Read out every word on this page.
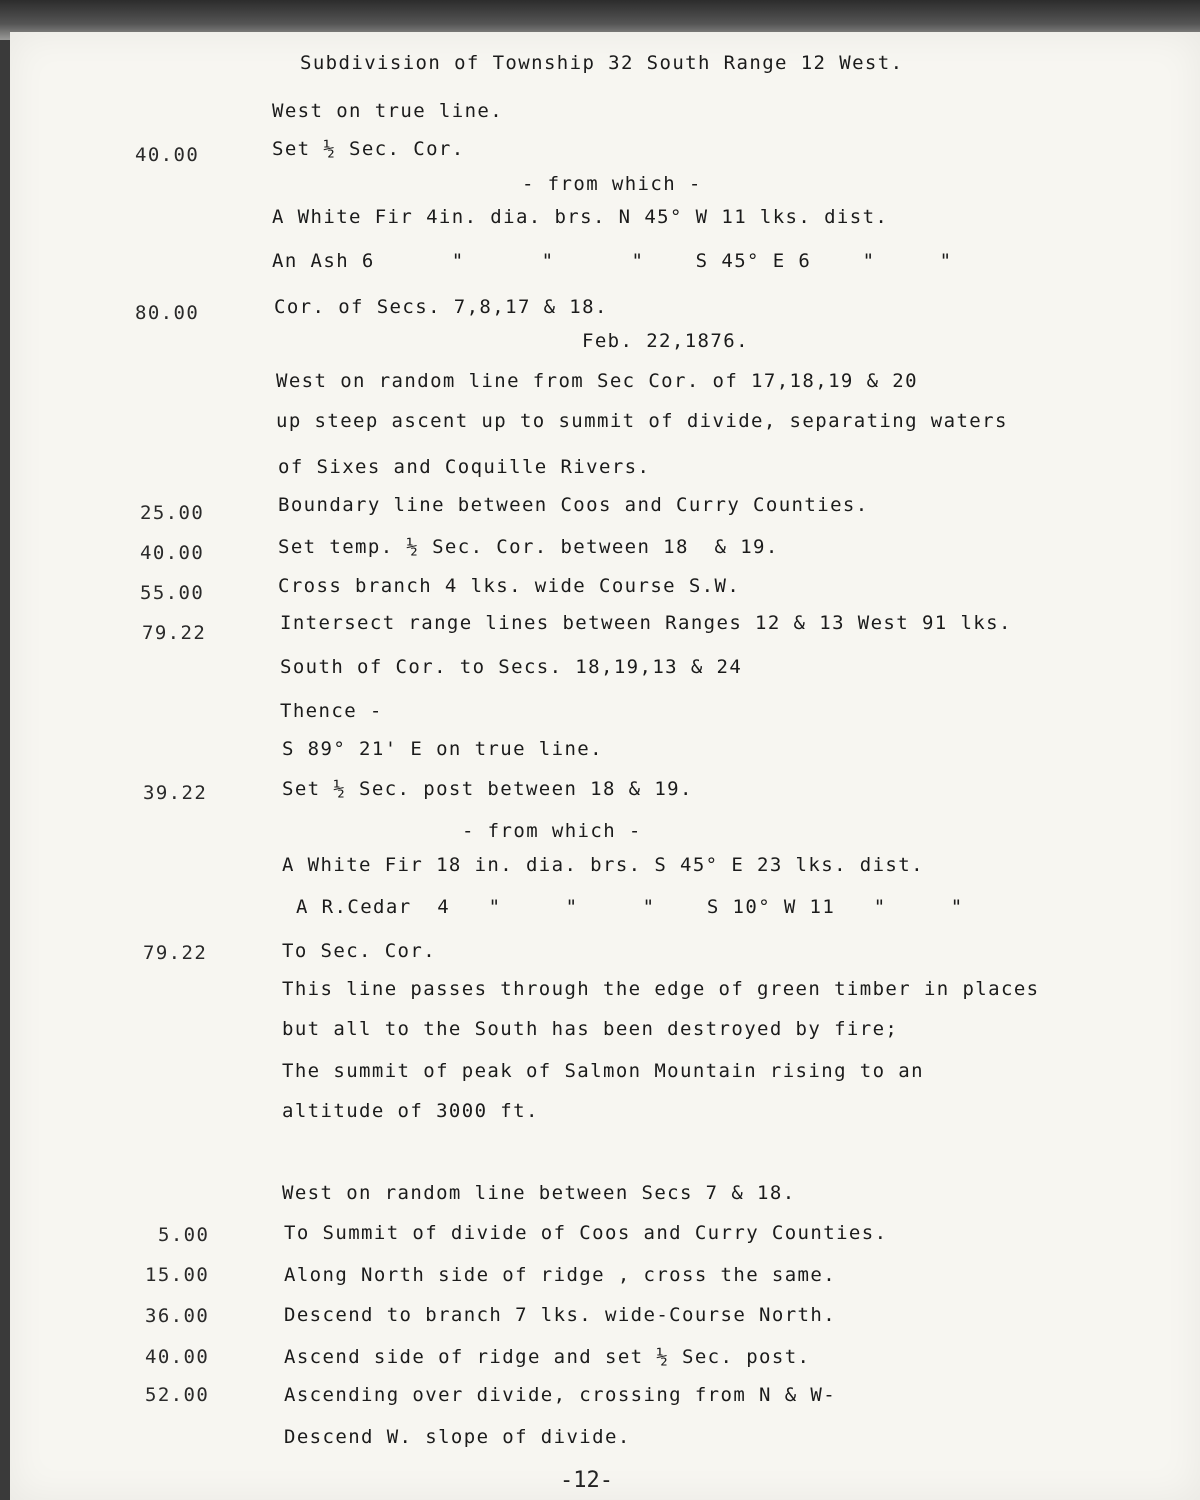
Subdivision of Township 32 South Range 12 West.
West on true line.
40.00	Set ½ Sec. Cor.
- from which -
A White Fir 4in. dia. brs. N 45° W 11 lks. dist.
An Ash 6      "      "      "    S 45° E 6    "     "
80.00	Cor. of Secs. 7,8,17 & 18.
Feb. 22,1876.
West on random line from Sec Cor. of 17,18,19 & 20
up steep ascent up to summit of divide, separating waters
of Sixes and Coquille Rivers.
25.00	Boundary line between Coos and Curry Counties.
40.00	Set temp. ½ Sec. Cor. between 18  & 19.
55.00	Cross branch 4 lks. wide Course S.W.
79.22	Intersect range lines between Ranges 12 & 13 West 91 lks.
South of Cor. to Secs. 18,19,13 & 24
Thence -
S 89° 21' E on true line.
39.22	Set ½ Sec. post between 18 & 19.
- from which -
A White Fir 18 in. dia. brs. S 45° E 23 lks. dist.
A R.Cedar  4   "     "     "    S 10° W 11   "     "
79.22	To Sec. Cor.
This line passes through the edge of green timber in places
but all to the South has been destroyed by fire;
The summit of peak of Salmon Mountain rising to an
altitude of 3000 ft.
West on random line between Secs 7 & 18.
5.00	To Summit of divide of Coos and Curry Counties.
15.00	Along North side of ridge , cross the same.
36.00	Descend to branch 7 lks. wide-Course North.
40.00	Ascend side of ridge and set ½ Sec. post.
52.00	Ascending over divide, crossing from N & W-
Descend W. slope of divide.
-12-
